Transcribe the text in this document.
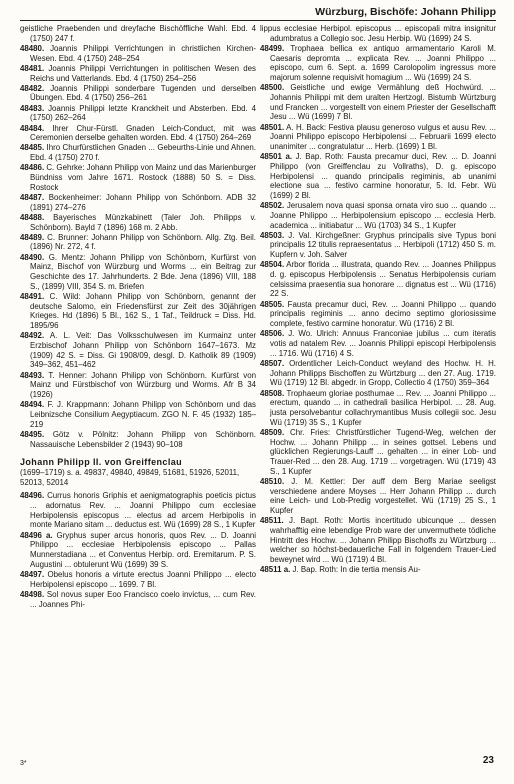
Würzburg, Bischöfe: Johann Philipp
geistliche Praebenden und dreyfache Bischöffliche Wahl. Ebd. 4 (1750) 247 f.
48480. Joannis Philippi Verrichtungen in christlichen Kirchen-Wesen. Ebd. 4 (1750) 248–254
48481. Joannis Philippi Verrichtungen in politischen Wesen des Reichs und Vatterlands. Ebd. 4 (1750) 254–256
48482. Joannis Philippi sonderbare Tugenden und derselben Übungen. Ebd. 4 (1750) 256–261
48483. Joannis Philippi letzte Kranckheit und Absterben. Ebd. 4 (1750) 262–264
48484. Ihrer Chur-Fürstl. Gnaden Leich-Conduct, mit was Ceremonien derselbe gehalten worden. Ebd. 4 (1750) 264–269
48485. Ihro Churfürstlichen Gnaden ... Gebeurths-Linie und Ahnen. Ebd. 4 (1750) 270 f.
48486. C. Gehrke: Johann Philipp von Mainz und das Marienburger Bündniss vom Jahre 1671. Rostock (1888) 50 S. = Diss. Rostock
48487. Bockenheimer: Johann Philipp von Schönborn. ADB 32 (1891) 274–276
48488. Bayerisches Münzkabinett (Taler Joh. Philipps v. Schönborn). Bayld 7 (1896) 168 m. 2 Abb.
48489. C. Brunner: Johann Philipp von Schönborn. Allg. Ztg. Beil. (1896) Nr. 272, 4 f.
48490. G. Mentz: Johann Philipp von Schönborn, Kurfürst von Mainz, Bischof von Würzburg und Worms ... ein Beitrag zur Geschichte des 17. Jahrhunderts. 2 Bde. Jena (1896) VIII, 188 S., (1899) VIII, 354 S. m. Briefen
48491. C. Wild: Johann Philipp von Schönborn, genannt der deutsche Salomo, ein Friedensfürst zur Zeit des 30jährigen Krieges. Hd (1896) 5 Bl., 162 S., 1 Taf., Teildruck = Diss. Hd. 1895/96
48492. A. L. Veit: Das Volksschulwesen im Kurmainz unter Erzbischof Johann Philipp von Schönborn 1647–1673. Mz (1909) 42 S. = Diss. Gi 1908/09, desgl. D. Katholik 89 (1909) 349–362, 451–462
48493. T. Henner: Johann Philipp von Schönborn. Kurfürst von Mainz und Fürstbischof von Würzburg und Worms. Afr B 34 (1926)
48494. F. J. Krappmann: Johann Philipp von Schönborn und das Leibnizsche Consilium Aegyptiacum. ZGO N. F. 45 (1932) 185–219
48495. Götz v. Pölnitz: Johann Philipp von Schönborn. Nassauische Lebensbilder 2 (1943) 90–108
Johann Philipp II. von Greiffenclau
(1699–1719) s. a. 49837, 49840, 49849, 51681, 51926, 52011, 52013, 52014
48496. Currus honoris Griphis et aenigmatographis poeticis pictus ... adornatus Rev. ... Joanni Philippo cum ecclesiae Herbipolensis episcopus ... electus ad arcem Herbipolis in monte Mariano sitam ... deductus est. Wü (1699) 28 S., 1 Kupfer
48496 a. Gryphus super arcus honoris, quos Rev. ... D. Joanni Philippo ... ecclesiae Herbipolensis episcopo ... Pallas Munnerstadiana ... et Conventus Herbip. ord. Eremitarum. P. S. Augustini ... obtulerunt Wü (1699) 39 S.
48497. Obelus honoris a virtute erectus Joanni Philippo ... electo Herbipolensi episcopo ... 1699. 7 Bl.
48498. Sol novus super Eoo Francisco coelo invictus, ... cum Rev. ... Joannes Phi-
lippus ecclesiae Herbipol. episcopus ... episcopali mitra insignitur adumbratus a Collegio soc. Jesu Herbip. Wü (1699) 24 S.
48499. Trophaea bellica ex antiquo armamentario Karoli M. Caesaris depromta ... explicata Rev. ... Joanni Philippo ... episcopo, cum 6. Sept. a. 1699 Carolopolim ingressus more majorum solenne requisivit homagium ... Wü (1699) 24 S.
48500. Geistliche und ewige Vermählung deß Hochwürd. ... Johannis Philippi mit dem uralten Hertzogl. Bistumb Würtzburg und Francken ... vorgestellt von einem Priester der Gesellschafft Jesu ... Wü (1699) 7 Bl.
48501. A. H. Back: Festiva plausu generoso vulgus et ausu Rev. ... Joanni Philippo episcopo Herbipolensi ... Februarii 1699 electo unanimiter ... congratulatur ... Herb. (1699) 1 Bl.
48501 a. J. Bap. Roth: Fausta precamur duci, Rev. ... D. Joanni Philippo (von Greiffenclau zu Vollraths), D. g. episcopo Herbipolensi ... quando principalis regiminis, ab unanimi electione sua ... festivo carmine honoratur, 5. Id. Febr. Wü (1699) 2 Bl.
48502. Jerusalem nova quasi sponsa ornata viro suo ... quando ... Joanne Philippo ... Herbipolensium episcopo ... ecclesia Herb. academica ... initiabatur ... Wü (1703) 34 S., 1 Kupfer
48503. J. Val. Kirchgeßner: Gryphus principalis sive Typus boni principalis 12 titulis repraesentatus ... Herbipoli (1712) 450 S. m. Kupfern v. Joh. Salver
48504. Arbor florida ... illustrata, quando Rev. ... Joannes Philippus d. g. episcopus Herbipolensis ... Senatus Herbipolensis curiam celsissima praesentia sua honorare ... dignatus est ... Wü (1716) 22 S.
48505. Fausta precamur duci, Rev. ... Joanni Philippo ... quando principalis regiminis ... anno decimo septimo gloriosissime complete, festivo carmine honoratur. Wü (1716) 2 Bl.
48506. J. Wo. Ulrich: Annuus Franconiae jubilus ... cum iteratis votis ad natalem Rev. ... Joannis Philippi episcopi Herbipolensis ... 1716. Wü (1716) 4 S.
48507. Ordentlicher Leich-Conduct weyland des Hochw. H. H. Johann Philipps Bischoffen zu Würtzburg ... den 27. Aug. 1719. Wü (1719) 12 Bl. abgedr. in Gropp, Collectio 4 (1750) 359–364
48508. Trophaeum gloriae posthumae ... Rev. ... Joanni Philippo ... erectum, quando ... in cathedrali basilica Herbipol. ... 28. Aug. justa persolvebantur collachrymantibus Musis collegii soc. Jesu Wü (1719) 35 S., 1 Kupfer
48509. Chr. Fries: Christfürstlicher Tugend-Weg, welchen der Hochw. ... Johann Philipp ... in seines gottsel. Lebens und glücklichen Regierungs-Lauff ... gehalten ... in einer Lob- und Trauer-Red ... den 28. Aug. 1719 ... vorgetragen. Wü (1719) 43 S., 1 Kupfer
48510. J. M. Kettler: Der auff dem Berg Mariae seeligst verschiedene andere Moyses ... Herr Johann Philipp ... durch eine Leich- und Lob-Predig vorgestellet. Wü (1719) 25 S., 1 Kupfer
48511. J. Bapt. Roth: Mortis incertitudo ubicunque ... dessen wahrhafftig eine lebendige Prob ware der unvermuthete tödliche Hintritt des Hochw. ... Johann Philipp Bischoffs zu Würtzburg ... welcher so höchst-bedauerliche Fall in folgendem Trauer-Lied beweynet wird ... Wü (1719) 4 Bl.
48511 a. J. Bap. Roth: In die tertia mensis Au-
3*	23
